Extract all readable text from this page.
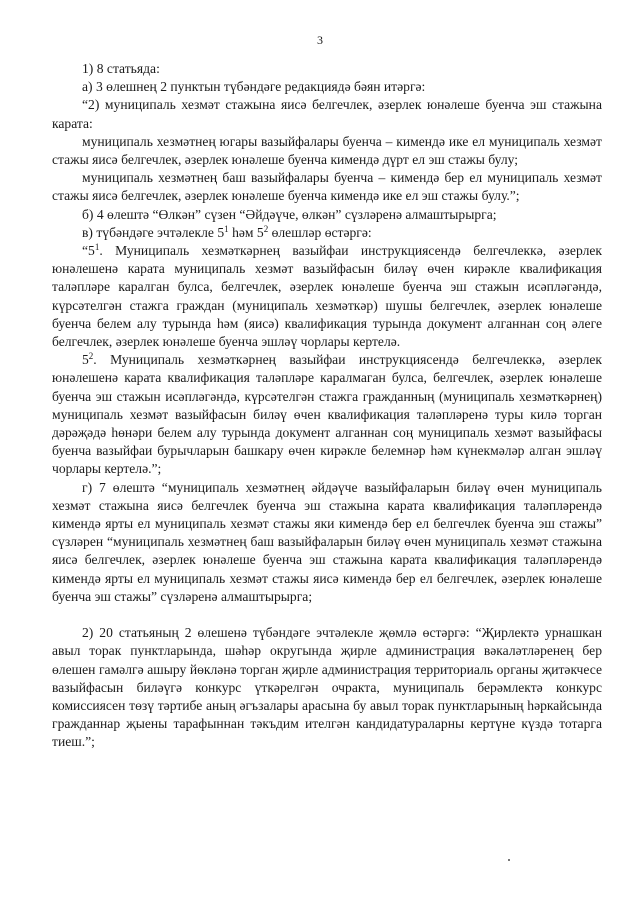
3

1) 8 статьяда:

а) 3 өлешнең 2 пунктын түбәндәге редакциядә бәян итәргә:

“2) муниципаль хезмәт стажына яисә белгечлек, әзерлек юнәлеше буенча эш стажына карата:

муниципаль хезмәтнең югары вазыйфалары буенча – кимендә ике ел муниципаль хезмәт стажы яисә белгечлек, әзерлек юнәлеше буенча кимендә дүрт ел эш стажы булу;

муниципаль хезмәтнең баш вазыйфалары буенча – кимендә бер ел муниципаль хезмәт стажы яисә белгечлек, әзерлек юнәлеше буенча кимендә ике ел эш стажы булу.”;

б) 4 өлештә “Өлкән” сүзен “Әйдәүче, өлкән” сүзләренә алмаштырырга;

в) түбәндәге эчтәлекле $5^1$ һәм $5^2$ өлешләр өстәргә:

“$5^1$. Муниципаль хезмәткәрнең вазыйфаи инструкциясендә белгечлеккә, әзерлек юнәлешенә карата муниципаль хезмәт вазыйфасын биләү өчен кирәкле квалификация таләпләре каралган булса, белгечлек, әзерлек юнәлеше буенча эш стажын исәпләгәндә, күрсәтелгән стажга граждан (муниципаль хезмәткәр) шушы белгечлек, әзерлек юнәлеше буенча белем алу турында һәм (яисә) квалификация турында документ алганнан соң әлеге белгечлек, әзерлек юнәлеше буенча эшләү чорлары кертелә.

$5^2$. Муниципаль хезмәткәрнең вазыйфаи инструкциясендә белгечлеккә, әзерлек юнәлешенә карата квалификация таләпләре каралмаган булса, белгечлек, әзерлек юнәлеше буенча эш стажын исәпләгәндә, күрсәтелгән стажга гражданның (муниципаль хезмәткәрнең) муниципаль хезмәт вазыйфасын биләү өчен квалификация таләпләренә туры килә торган дәрәҗәдә һөнәри белем алу турында документ алганнан соң муниципаль хезмәт вазыйфасы буенча вазыйфаи бурычларын башкару өчен кирәкле белемнәр һәм күнекмәләр алган эшләү чорлары кертелә.”;

г) 7 өлештә “муниципаль хезмәтнең әйдәүче вазыйфаларын биләү өчен муниципаль хезмәт стажына яисә белгечлек буенча эш стажына карата квалификация таләпләрендә кимендә ярты ел муниципаль хезмәт стажы яки кимендә бер ел белгечлек буенча эш стажы” сүзләрен “муниципаль хезмәтнең баш вазыйфаларын биләү өчен муниципаль хезмәт стажына яисә белгечлек, әзерлек юнәлеше буенча эш стажына карата квалификация таләпләрендә кимендә ярты ел муниципаль хезмәт стажы яисә кимендә бер ел белгечлек, әзерлек юнәлеше буенча эш стажы” сүзләренә алмаштырырга;

2) 20 статьяның 2 өлешенә түбәндәге эчтәлекле җөмлә өстәргә: “Җирлектә урнашкан авыл торак пунктларында, шәһәр округында җирле администрация вәкаләтләренең бер өлешен гамәлгә ашыру йөкләнә торган җирле администрация территориаль органы җитәкчесе вазыйфасын биләүгә конкурс үткәрелгән очракта, муниципаль берәмлектә конкурс комиссиясен төзү тәртибе аның әгъзалары арасына бу авыл торак пунктларының һәркайсында гражданнар җыены тарафыннан тәкъдим ителгән кандидатураларны кертүне күздә тотарга тиеш.”;
